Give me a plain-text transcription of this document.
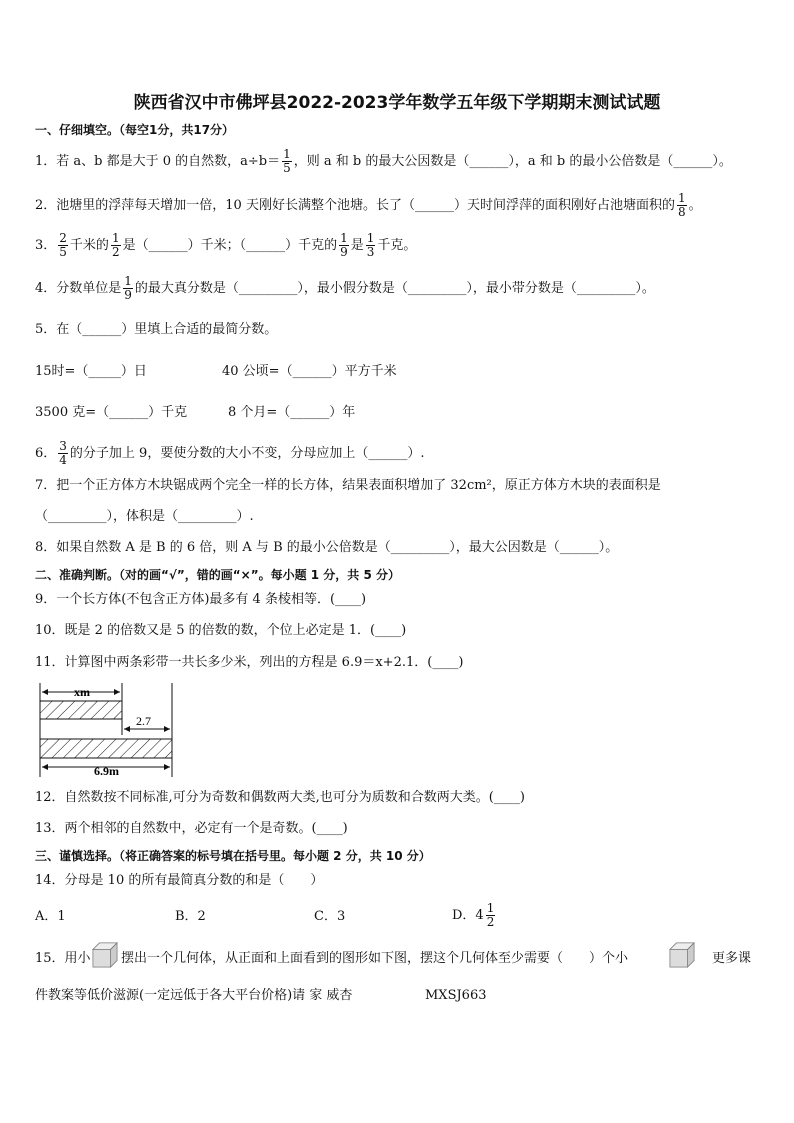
陕西省汉中市佛坪县2022-2023学年数学五年级下学期期末测试试题
一、仔细填空。（每空1分，共17分）
1．若 a、b 都是大于 0 的自然数，$a\div b= \frac{1}{5}$ ，则 a 和 b 的最大公因数是（______），a 和 b 的最小公倍数是（______）。
2．池塘里的浮萍每天增加一倍，10 天刚好长满整个池塘。长了（______）天时间浮萍的面积刚好占池塘面积的 $\frac{1}{8}$ 。
3． $\frac{2}{5}$ 千米的 $\frac{1}{2}$ 是（______）千米；（______）千克的 $\frac{1}{9}$ 是 $\frac{1}{3}$ 千克。
4．分数单位是 $\frac{1}{9}$ 的最大真分数是（_________），最小假分数是（_________），最小带分数是（_________）。
5．在（______）里填上合适的最简分数。
15时=（_____）日	40 公顷=（______）平方千米
3500 克=（______）千克	8 个月=（______）年
6． $\frac{3}{4}$ 的分子加上 9，要使分数的大小不变，分母应加上（______）.
7．把一个正方体方木块锯成两个完全一样的长方体，结果表面积增加了 32cm²，原正方体方木块的表面积是
（_________），体积是（_________）.
8．如果自然数 A 是 B 的 6 倍，则 A 与 B 的最小公倍数是（_________），最大公因数是（______）。
二、准确判断。（对的画“√”，错的画“×”。每小题 1 分，共 5 分）
9．一个长方体(不包含正方体)最多有 4 条棱相等．(____)
10．既是 2 的倍数又是 5 的倍数的数，个位上必定是 1．(____)
11．计算图中两条彩带一共长多少米，列出的方程是 6.9＝x+2.1．(____)
xm
2.7
6.9m
12．自然数按不同标准,可分为奇数和偶数两大类,也可分为质数和合数两大类。(____)
13．两个相邻的自然数中，必定有一个是奇数。(____)
三、谨慎选择。（将正确答案的标号填在括号里。每小题 2 分，共 10 分）
14．分母是 10 的所有最简真分数的和是（　　）
A．1	B．2	C．3	D．$4 \frac{1}{2}$
15．用小 摆出一个几何体，从正面和上面看到的图形如下图，摆这个几何体至少需要（　　）个小	更多课
件教案等低价滋源(一定远低于各大平台价格)请 家 威杏	MXSJ663
